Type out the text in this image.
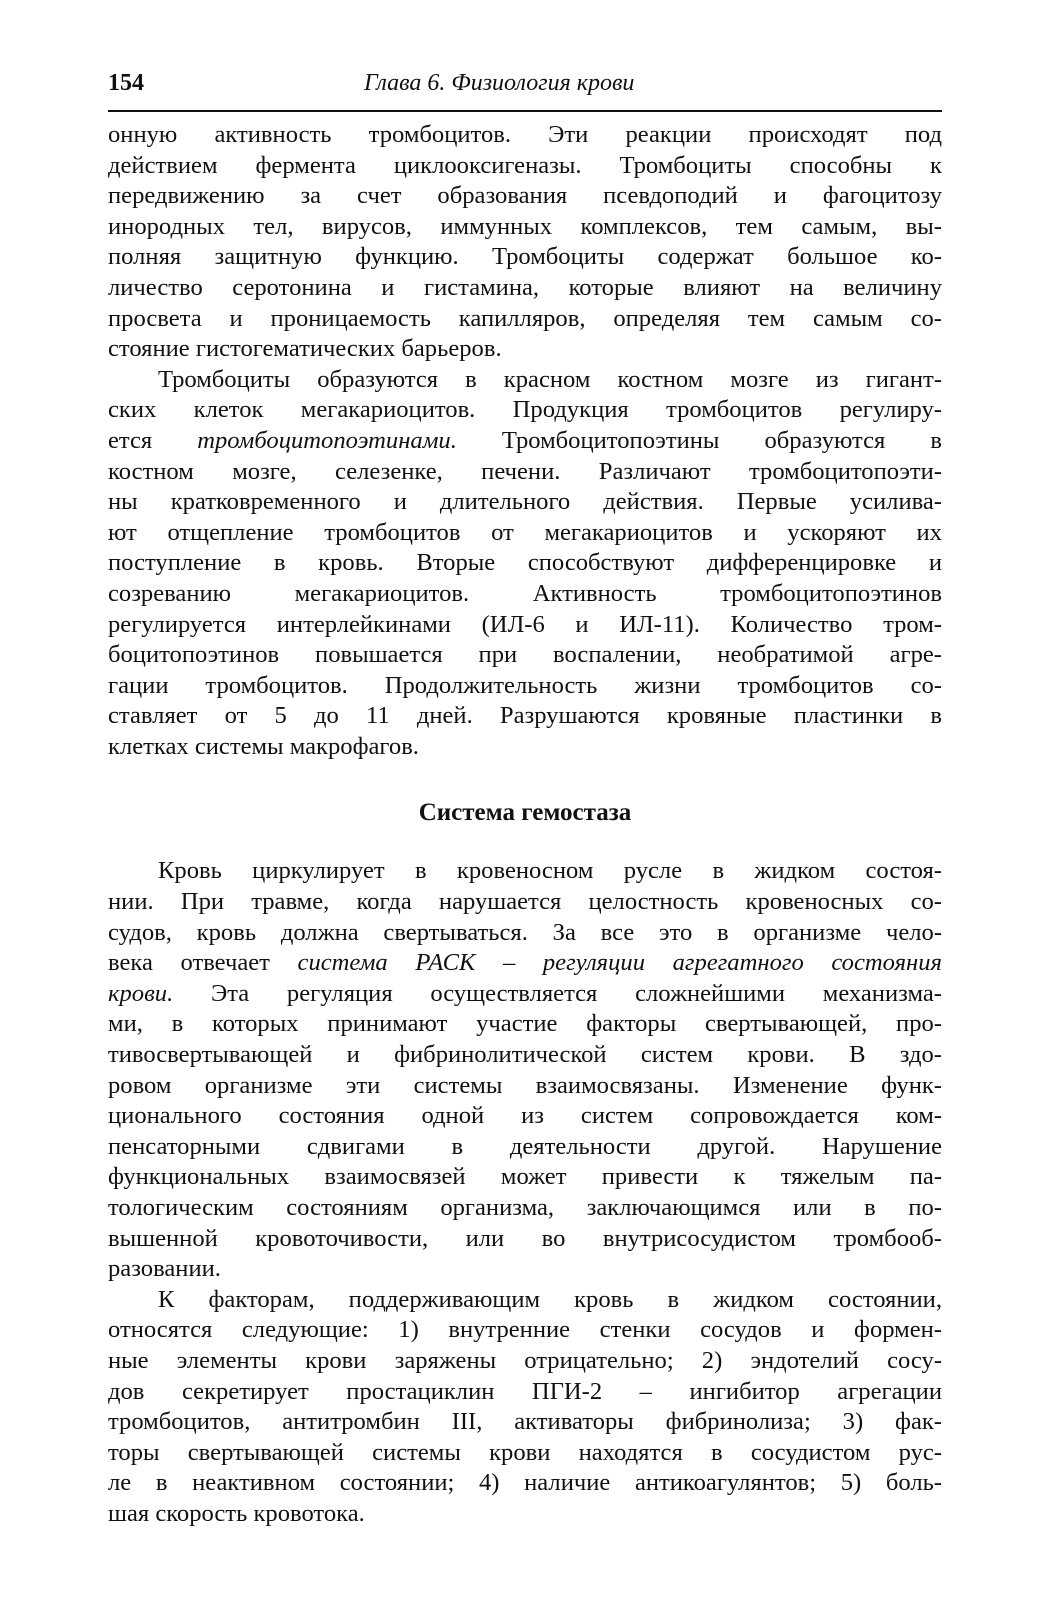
154	Глава 6. Физиология крови

онную активность тромбоцитов. Эти реакции происходят под
действием фермента циклооксигеназы. Тромбоциты способны к
передвижению за счет образования псевдоподий и фагоцитозу
инородных тел, вирусов, иммунных комплексов, тем самым, вы-
полняя защитную функцию. Тромбоциты содержат большое ко-
личество серотонина и гистамина, которые влияют на величину
просвета и проницаемость капилляров, определяя тем самым со-
стояние гистогематических барьеров.

Тромбоциты образуются в красном костном мозге из гигант-
ских клеток мегакариоцитов. Продукция тромбоцитов регулиру-
ется тромбоцитопоэтинами. Тромбоцитопоэтины образуются в
костном мозге, селезенке, печени. Различают тромбоцитопоэти-
ны кратковременного и длительного действия. Первые усилива-
ют отщепление тромбоцитов от мегакариоцитов и ускоряют их
поступление в кровь. Вторые способствуют дифференцировке и
созреванию мегакариоцитов. Активность тромбоцитопоэтинов
регулируется интерлейкинами (ИЛ-6 и ИЛ-11). Количество тром-
боцитопоэтинов повышается при воспалении, необратимой агре-
гации тромбоцитов. Продолжительность жизни тромбоцитов со-
ставляет от 5 до 11 дней. Разрушаются кровяные пластинки в
клетках системы макрофагов.

Система гемостаза

Кровь циркулирует в кровеносном русле в жидком состоя-
нии. При травме, когда нарушается целостность кровеносных со-
судов, кровь должна свертываться. За все это в организме чело-
века отвечает система РАСК – регуляции агрегатного состояния
крови. Эта регуляция осуществляется сложнейшими механизма-
ми, в которых принимают участие факторы свертывающей, про-
тивосвертывающей и фибринолитической систем крови. В здо-
ровом организме эти системы взаимосвязаны. Изменение функ-
ционального состояния одной из систем сопровождается ком-
пенсаторными сдвигами в деятельности другой. Нарушение
функциональных взаимосвязей может привести к тяжелым па-
тологическим состояниям организма, заключающимся или в по-
вышенной кровоточивости, или во внутрисосудистом тромбооб-
разовании.

К факторам, поддерживающим кровь в жидком состоянии,
относятся следующие: 1) внутренние стенки сосудов и формен-
ные элементы крови заряжены отрицательно; 2) эндотелий сосу-
дов секретирует простациклин ПГИ-2 – ингибитор агрегации
тромбоцитов, антитромбин III, активаторы фибринолиза; 3) фак-
торы свертывающей системы крови находятся в сосудистом рус-
ле в неактивном состоянии; 4) наличие антикоагулянтов; 5) боль-
шая скорость кровотока.
